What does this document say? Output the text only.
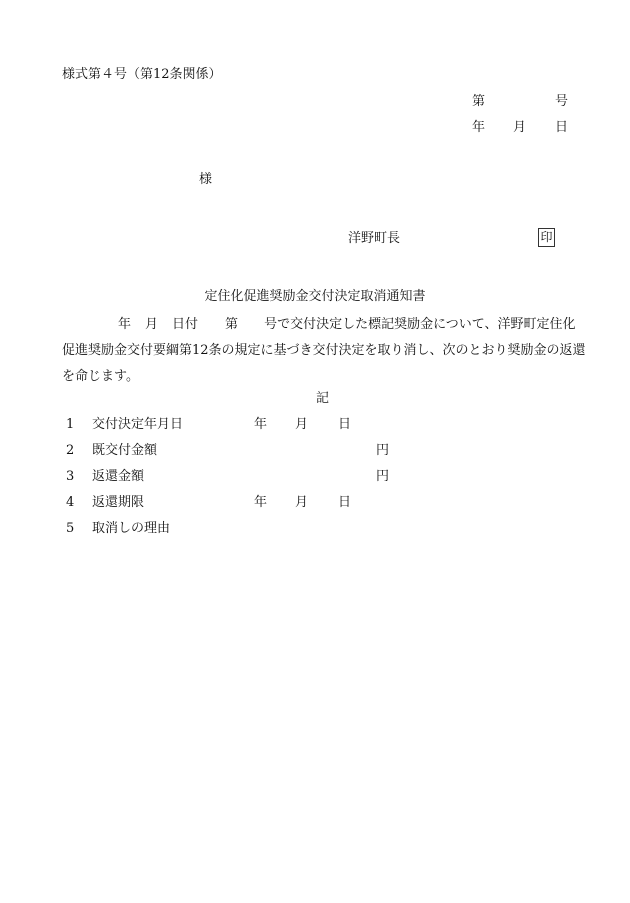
様式第４号（第12条関係）
第	号
年 月 日
様
洋野町長	印
定住化促進奨励金交付決定取消通知書
年 月 日付 第 号で交付決定した標記奨励金について、洋野町定住化促進奨励金交付要綱第12条の規定に基づき交付決定を取り消し、次のとおり奨励金の返還を命じます。
記
1 交付決定年月日	年 月 日
2 既交付金額	円
3 返還金額	円
4 返還期限	年 月 日
5 取消しの理由
